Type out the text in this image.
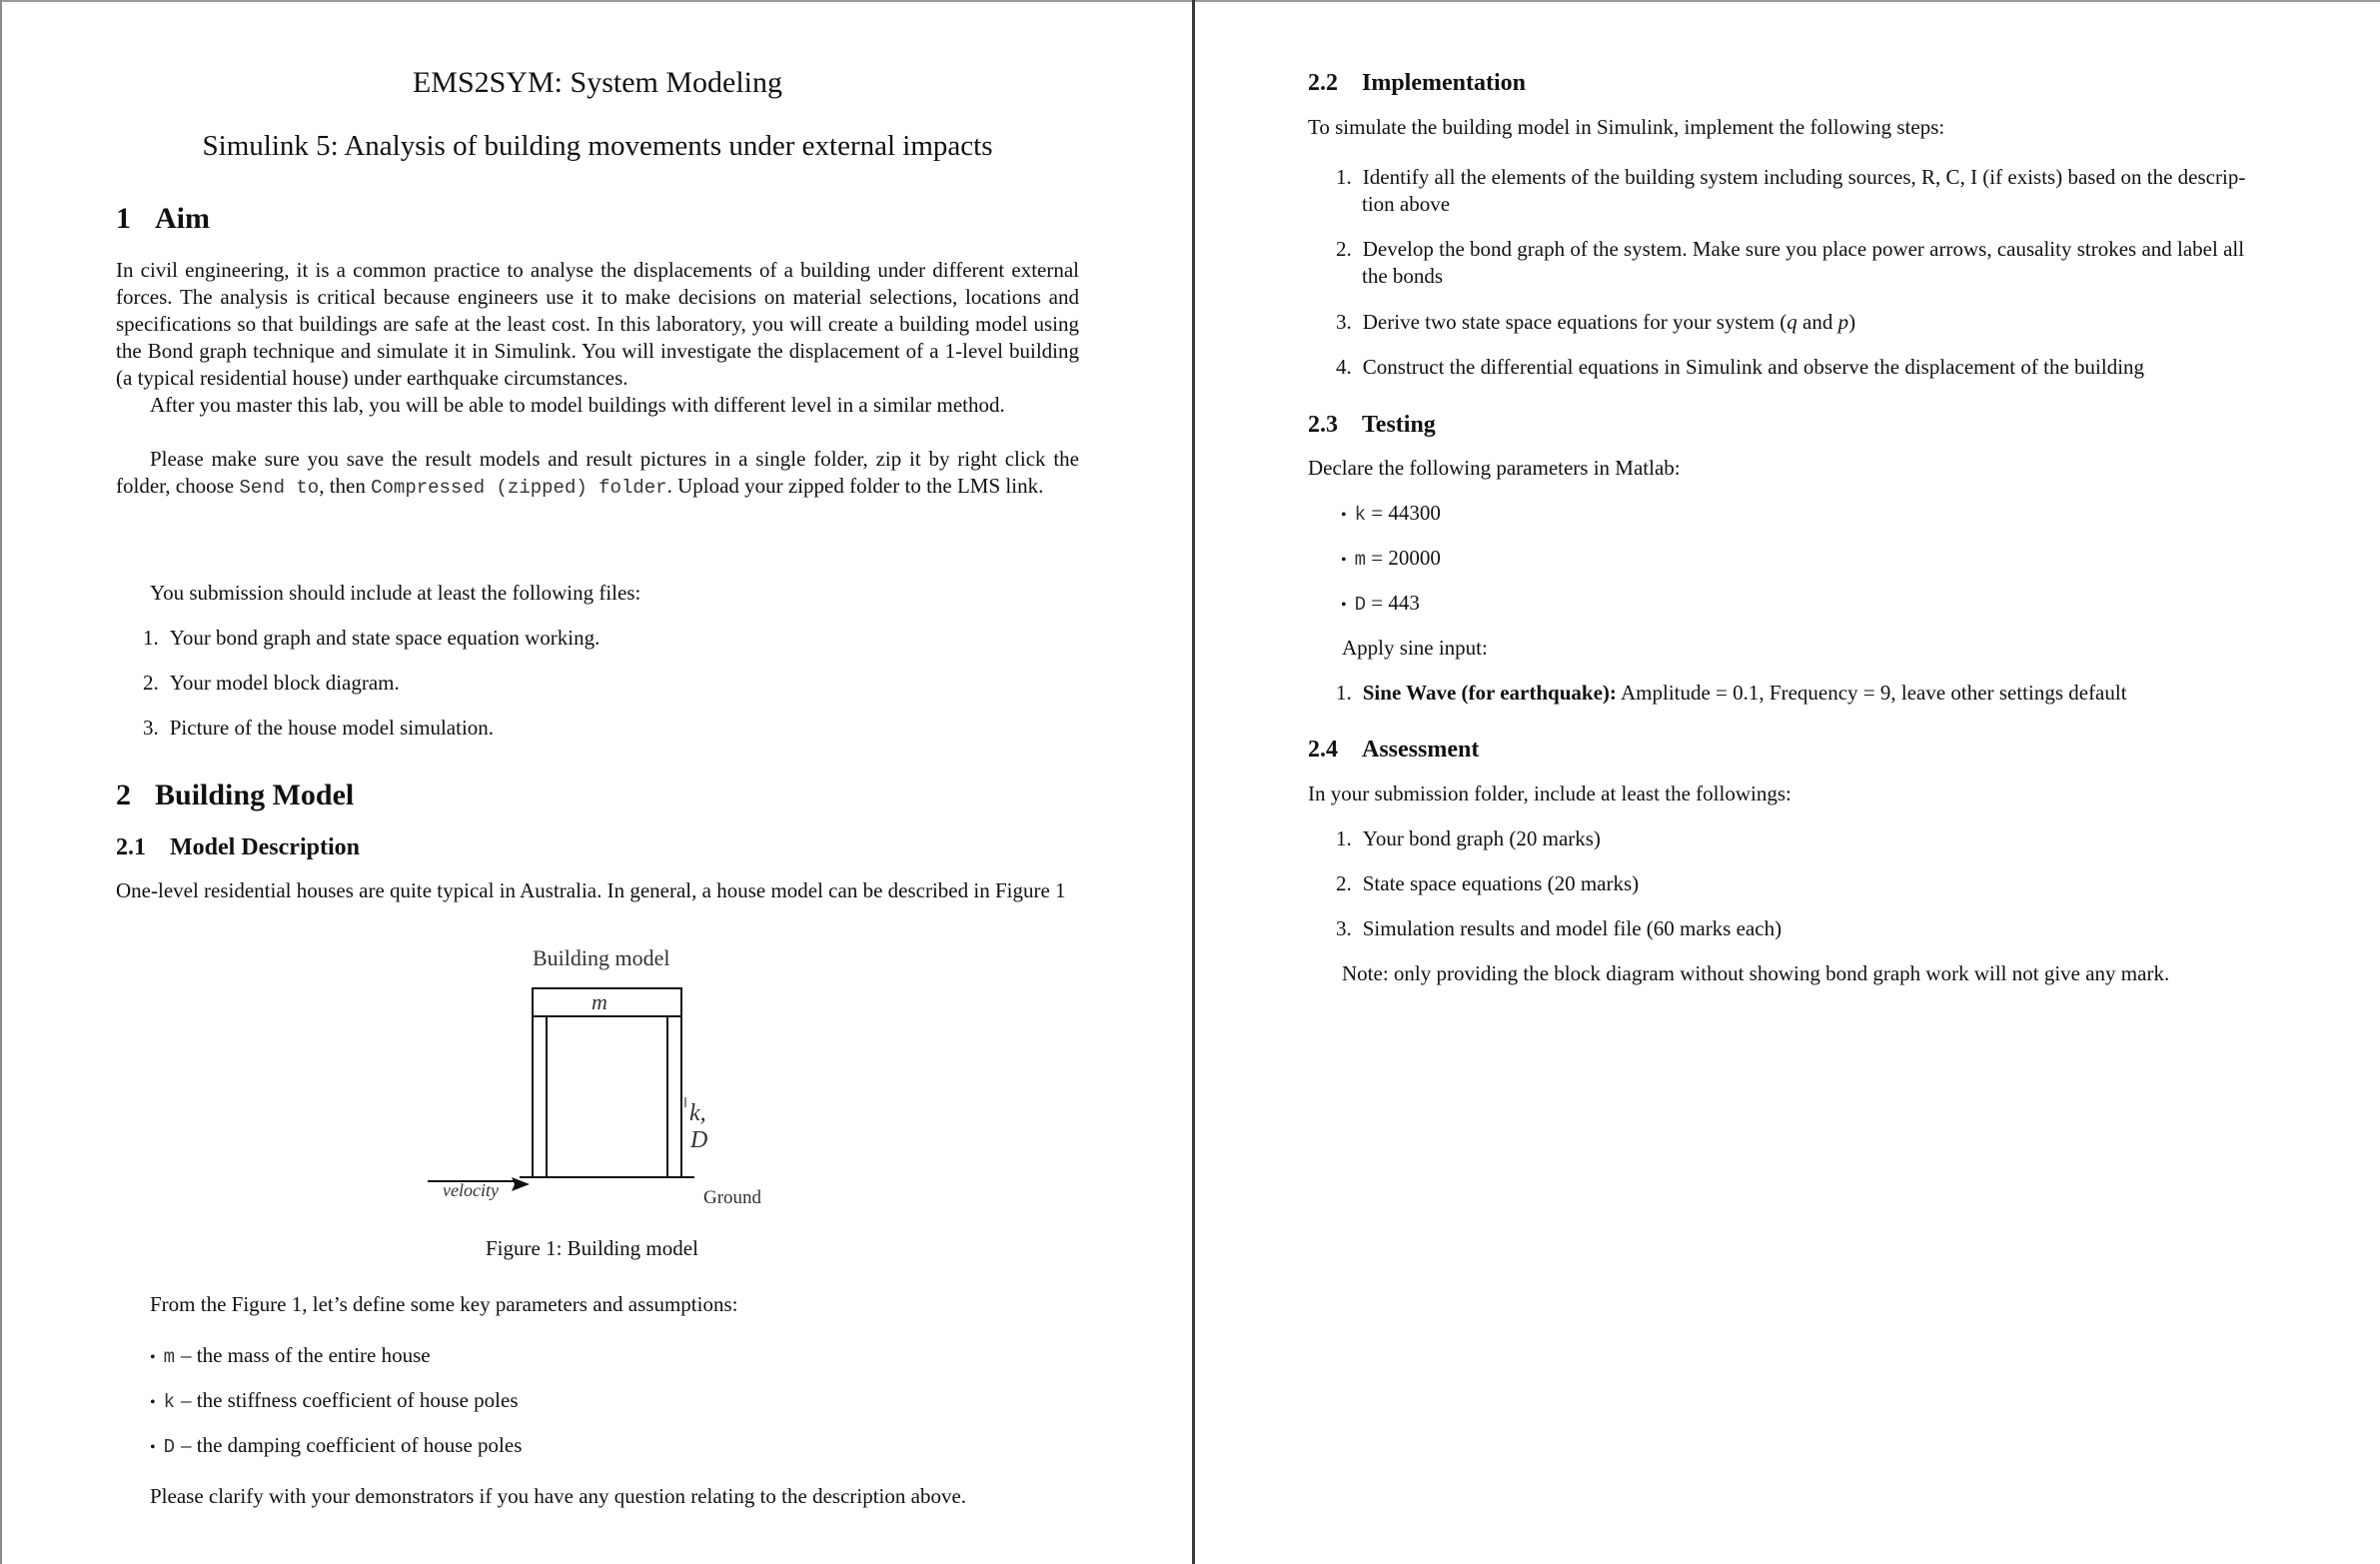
EMS2SYM: System Modeling
Simulink 5: Analysis of building movements under external impacts
1 Aim
In civil engineering, it is a common practice to analyse the displacements of a building under different external forces. The analysis is critical because engineers use it to make decisions on material selections, locations and specifications so that buildings are safe at the least cost. In this laboratory, you will create a building model using the Bond graph technique and simulate it in Simulink. You will investigate the displacement of a 1-level building (a typical residential house) under earthquake circumstances.
After you master this lab, you will be able to model buildings with different level in a similar method.
Please make sure you save the result models and result pictures in a single folder, zip it by right click the folder, choose Send to, then Compressed (zipped) folder. Upload your zipped folder to the LMS link.
You submission should include at least the following files:
1. Your bond graph and state space equation working.
2. Your model block diagram.
3. Picture of the house model simulation.
2 Building Model
2.1 Model Description
One-level residential houses are quite typical in Australia. In general, a house model can be described in Figure 1
Building model
m
k,
D
velocity	Ground
Figure 1: Building model
From the Figure 1, let’s define some key parameters and assumptions:
• m – the mass of the entire house
• k – the stiffness coefficient of house poles
• D – the damping coefficient of house poles
Please clarify with your demonstrators if you have any question relating to the description above.
2.2 Implementation
To simulate the building model in Simulink, implement the following steps:
1. Identify all the elements of the building system including sources, R, C, I (if exists) based on the descrip-
tion above
2. Develop the bond graph of the system. Make sure you place power arrows, causality strokes and label all
the bonds
3. Derive two state space equations for your system (q and p)
4. Construct the differential equations in Simulink and observe the displacement of the building
2.3 Testing
Declare the following parameters in Matlab:
• k = 44300
• m = 20000
• D = 443
Apply sine input:
1. Sine Wave (for earthquake): Amplitude = 0.1, Frequency = 9, leave other settings default
2.4 Assessment
In your submission folder, include at least the followings:
1. Your bond graph (20 marks)
2. State space equations (20 marks)
3. Simulation results and model file (60 marks each)
Note: only providing the block diagram without showing bond graph work will not give any mark.
